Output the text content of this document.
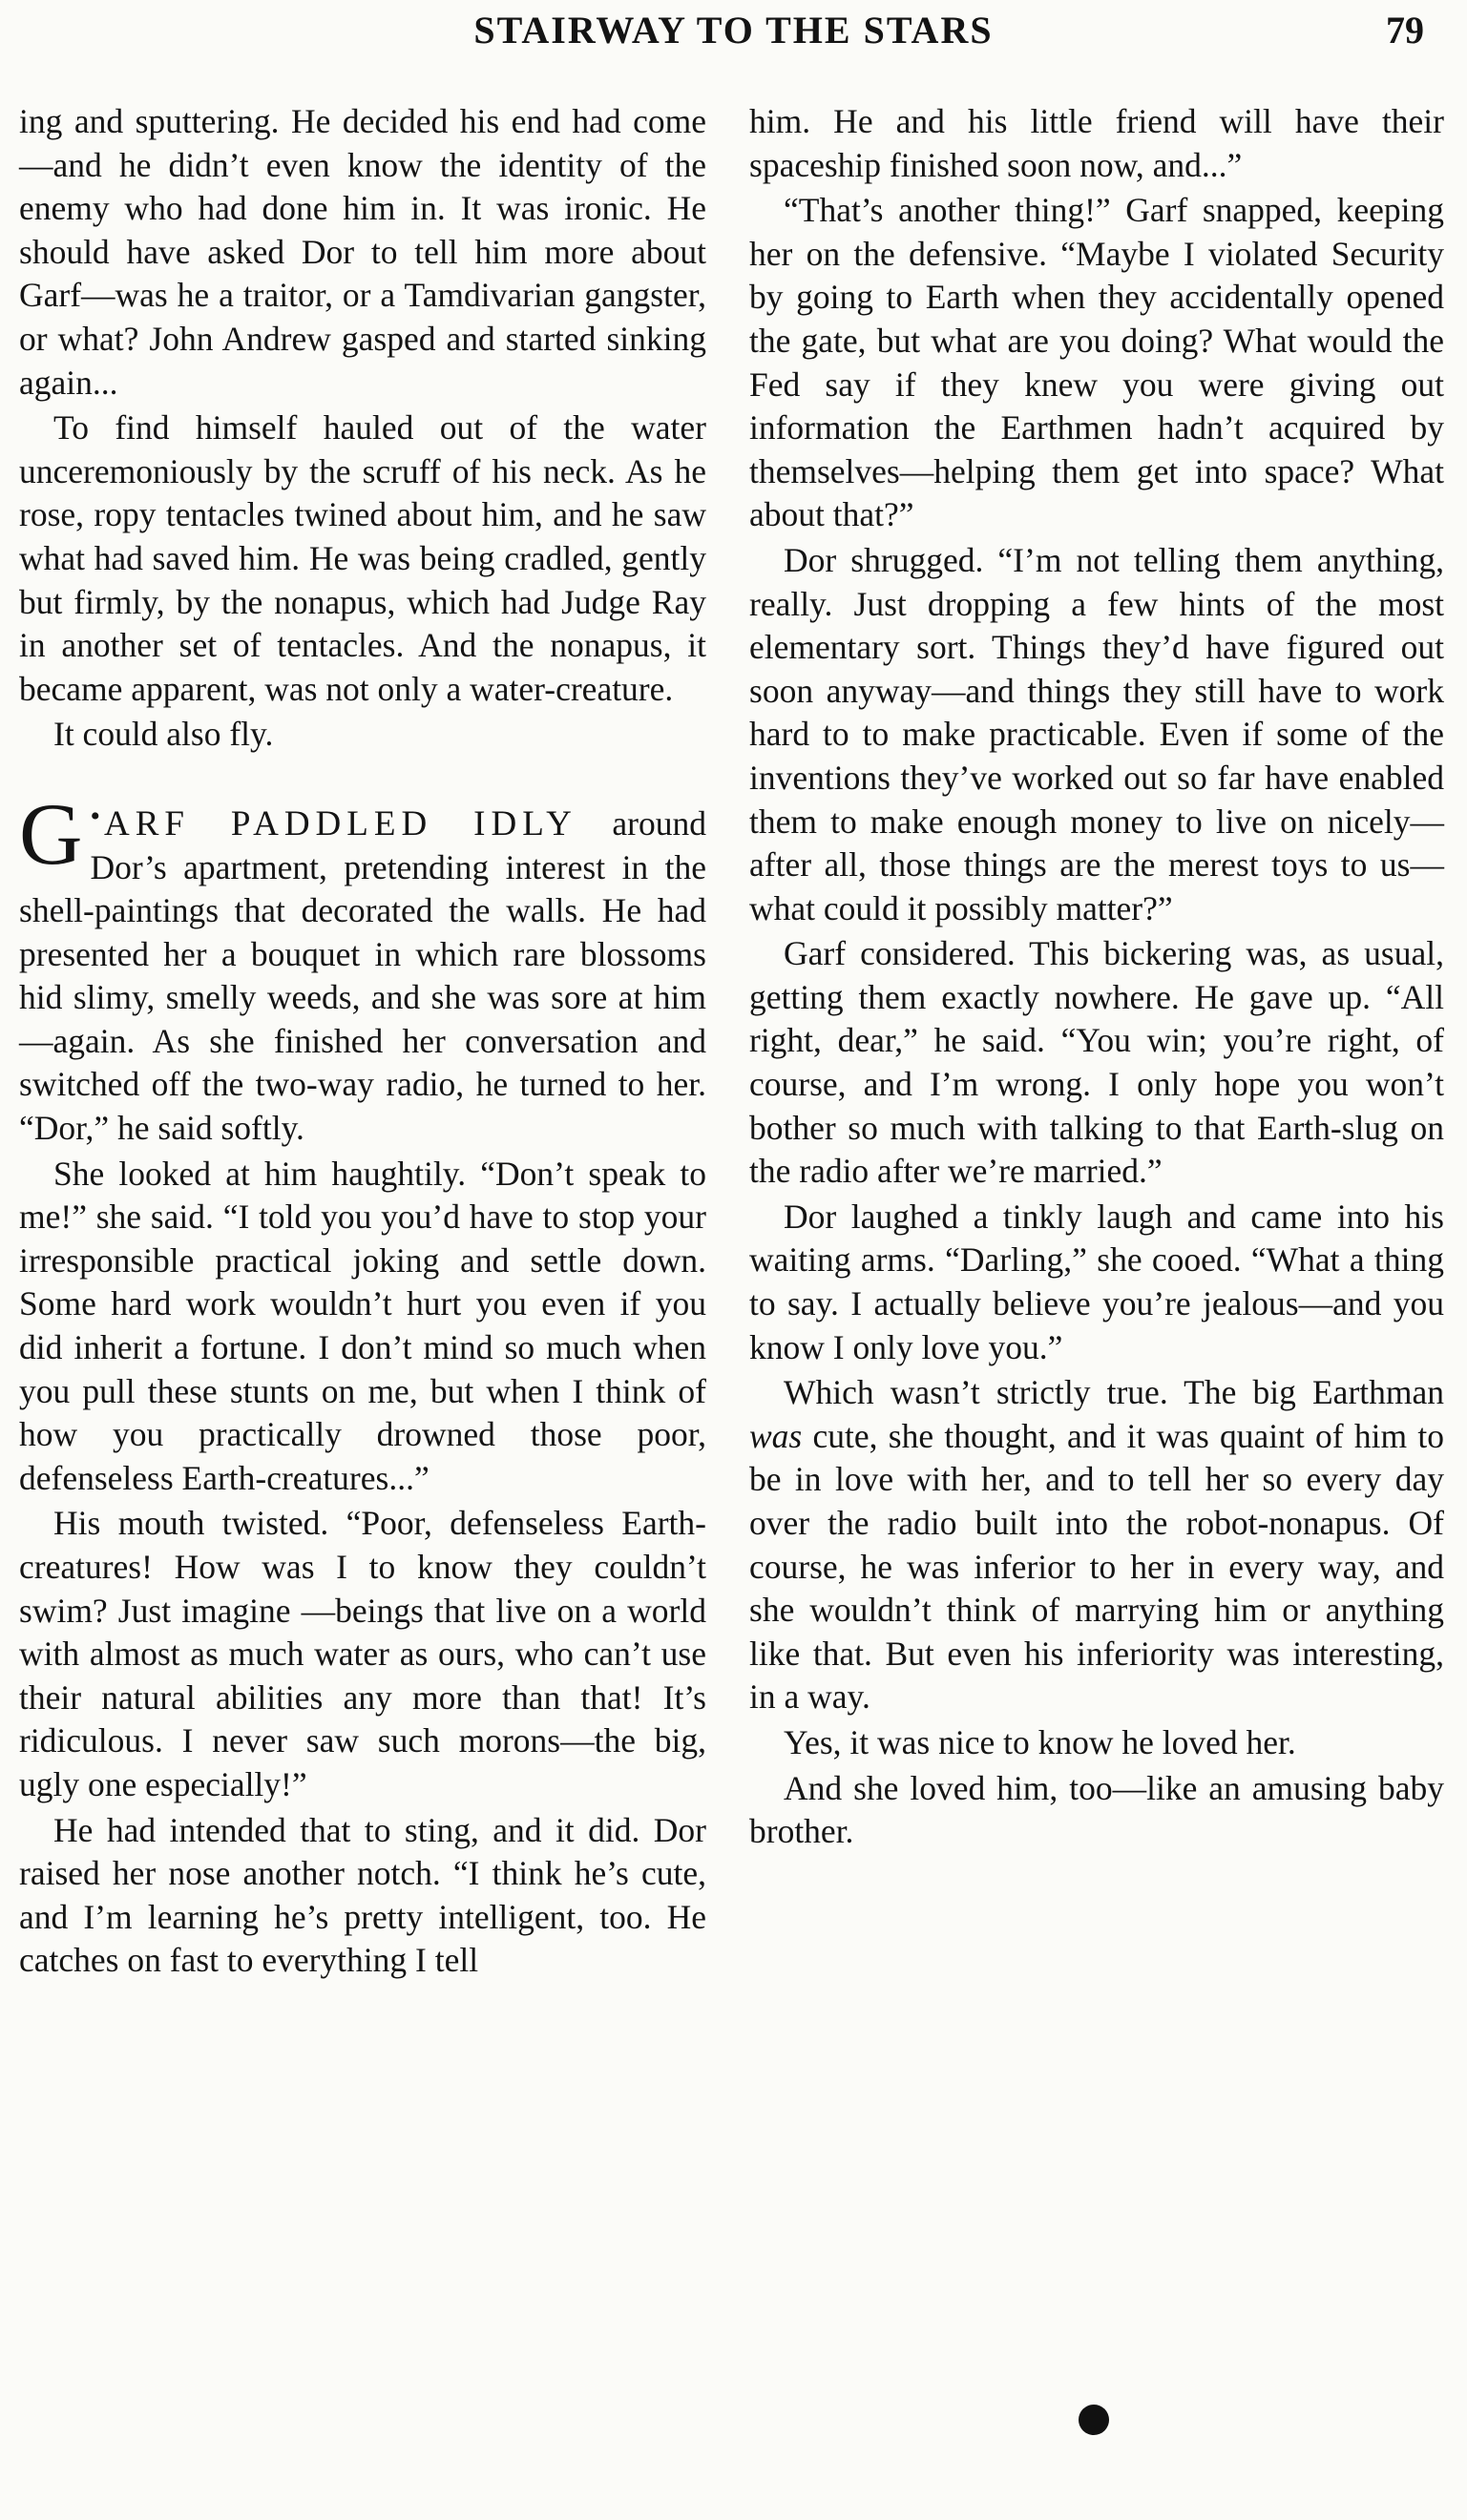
STAIRWAY TO THE STARS	79

ing and sputtering. He decided his end had come—and he didn’t even know the identity of the enemy who had done him in. It was ironic. He should have asked Dor to tell him more about Garf—was he a traitor, or a Tamdivarian gangster, or what? John Andrew gasped and started sinking again...

To find himself hauled out of the water unceremoniously by the scruff of his neck. As he rose, ropy tentacles twined about him, and he saw what had saved him. He was being cradled, gently but firmly, by the nonapus, which had Judge Ray in another set of tentacles. And the nonapus, it became apparent, was not only a water-creature.

It could also fly.

•
G ARF PADDLED IDLY around Dor’s apartment, pretending interest in the shell-paintings that decorated the walls. He had presented her a bouquet in which rare blossoms hid slimy, smelly weeds, and she was sore at him—again. As she finished her conversation and switched off the two-way radio, he turned to her. “Dor,” he said softly.

She looked at him haughtily. “Don’t speak to me!” she said. “I told you you’d have to stop your irresponsible practical joking and settle down. Some hard work wouldn’t hurt you even if you did inherit a fortune. I don’t mind so much when you pull these stunts on me, but when I think of how you practically drowned those poor, defenseless Earth-creatures...”

His mouth twisted. “Poor, defenseless Earth-creatures! How was I to know they couldn’t swim? Just imagine —beings that live on a world with almost as much water as ours, who can’t use their natural abilities any more than that! It’s ridiculous. I never saw such morons—the big, ugly one especially!”

He had intended that to sting, and it did. Dor raised her nose another notch. “I think he’s cute, and I’m learning he’s pretty intelligent, too. He catches on fast to everything I tell

him. He and his little friend will have their spaceship finished soon now, and...”

“That’s another thing!” Garf snapped, keeping her on the defensive. “Maybe I violated Security by going to Earth when they accidentally opened the gate, but what are you doing? What would the Fed say if they knew you were giving out information the Earthmen hadn’t acquired by themselves—helping them get into space? What about that?”

Dor shrugged. “I’m not telling them anything, really. Just dropping a few hints of the most elementary sort. Things they’d have figured out soon anyway—and things they still have to work hard to to make practicable. Even if some of the inventions they’ve worked out so far have enabled them to make enough money to live on nicely—after all, those things are the merest toys to us—what could it possibly matter?”

Garf considered. This bickering was, as usual, getting them exactly nowhere. He gave up. “All right, dear,” he said. “You win; you’re right, of course, and I’m wrong. I only hope you won’t bother so much with talking to that Earth-slug on the radio after we’re married.”

Dor laughed a tinkly laugh and came into his waiting arms. “Darling,” she cooed. “What a thing to say. I actually believe you’re jealous—and you know I only love you.”

Which wasn’t strictly true. The big Earthman was cute, she thought, and it was quaint of him to be in love with her, and to tell her so every day over the radio built into the robot-nonapus. Of course, he was inferior to her in every way, and she wouldn’t think of marrying him or anything like that. But even his inferiority was interesting, in a way.

Yes, it was nice to know he loved her.

And she loved him, too—like an amusing baby brother.
